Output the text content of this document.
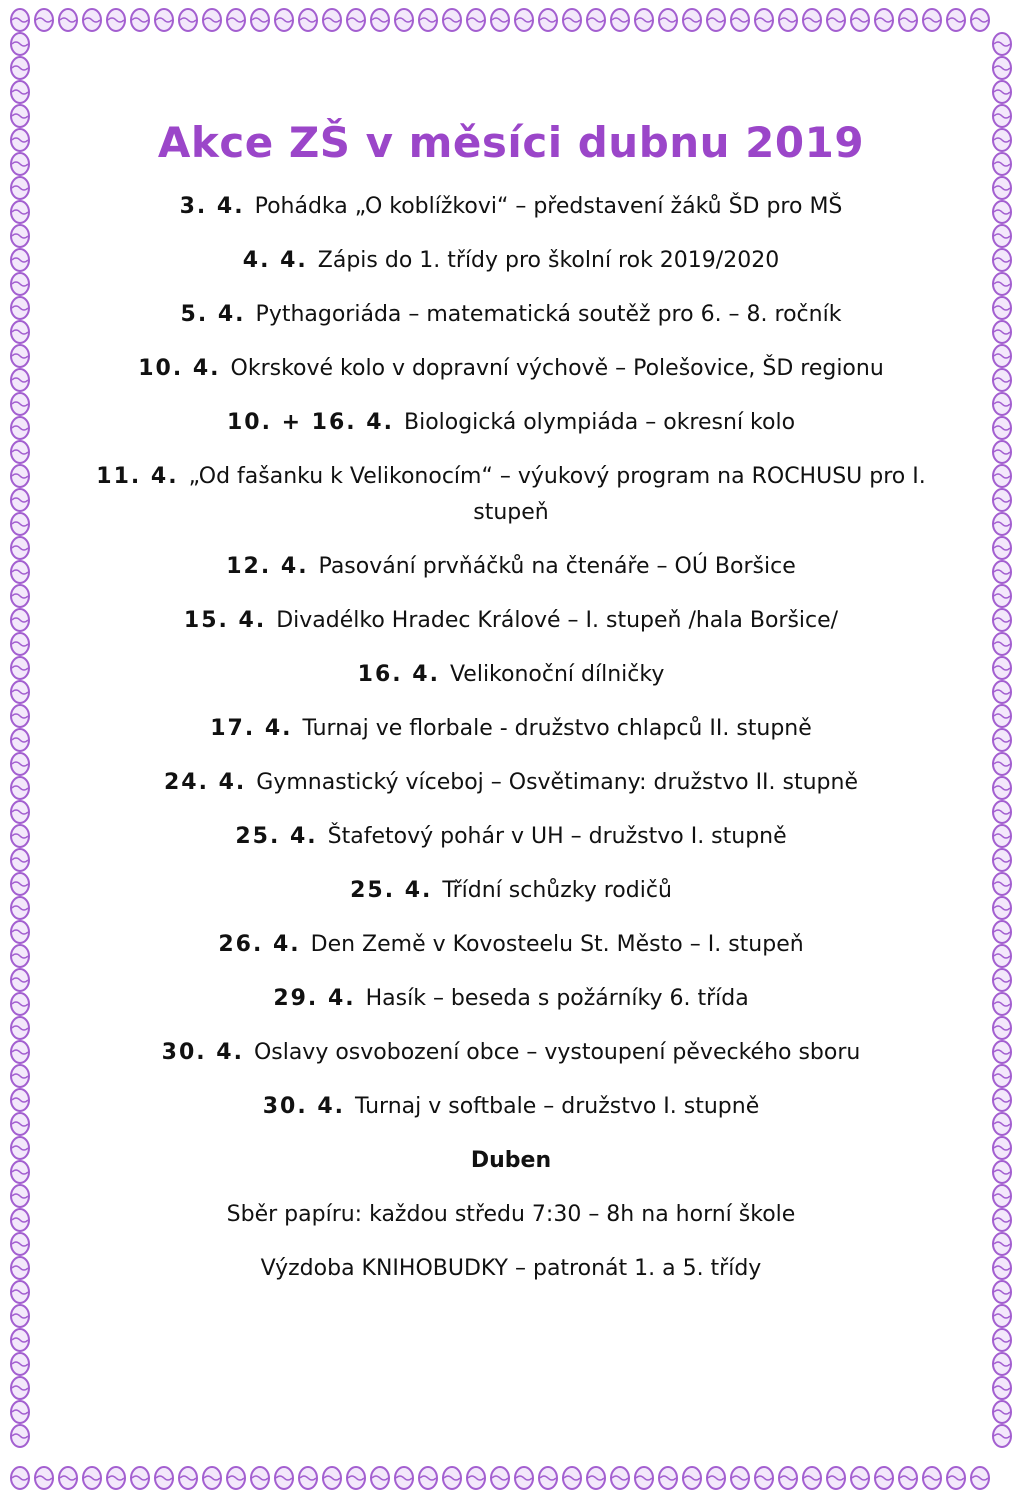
Akce ZŠ v měsíci dubnu 2019
3. 4. Pohádka „O koblížkovi“ – představení žáků ŠD pro MŠ
4. 4. Zápis do 1. třídy pro školní rok 2019/2020
5. 4. Pythagoriáda – matematická soutěž pro 6. – 8. ročník
10. 4. Okrskové kolo v dopravní výchově – Polešovice, ŠD regionu
10. + 16. 4. Biologická olympiáda – okresní kolo
11. 4. „Od fašanku k Velikonocím“ – výukový program na ROCHUSU pro I. stupeň
12. 4. Pasování prvňáčků na čtenáře – OÚ Boršice
15. 4. Divadélko Hradec Králové – I. stupeň /hala Boršice/
16. 4. Velikonoční dílničky
17. 4. Turnaj ve florbale - družstvo chlapců II. stupně
24. 4. Gymnastický víceboj – Osvětimany: družstvo II. stupně
25. 4. Štafetový pohár v UH – družstvo I. stupně
25. 4. Třídní schůzky rodičů
26. 4. Den Země v Kovosteelu St. Město – I. stupeň
29. 4. Hasík – beseda s požárníky 6. třída
30. 4. Oslavy osvobození obce – vystoupení pěveckého sboru
30. 4. Turnaj v softbale – družstvo I. stupně
Duben
Sběr papíru: každou středu 7:30 – 8h na horní škole
Výzdoba KNIHOBUDKY – patronát 1. a 5. třídy
